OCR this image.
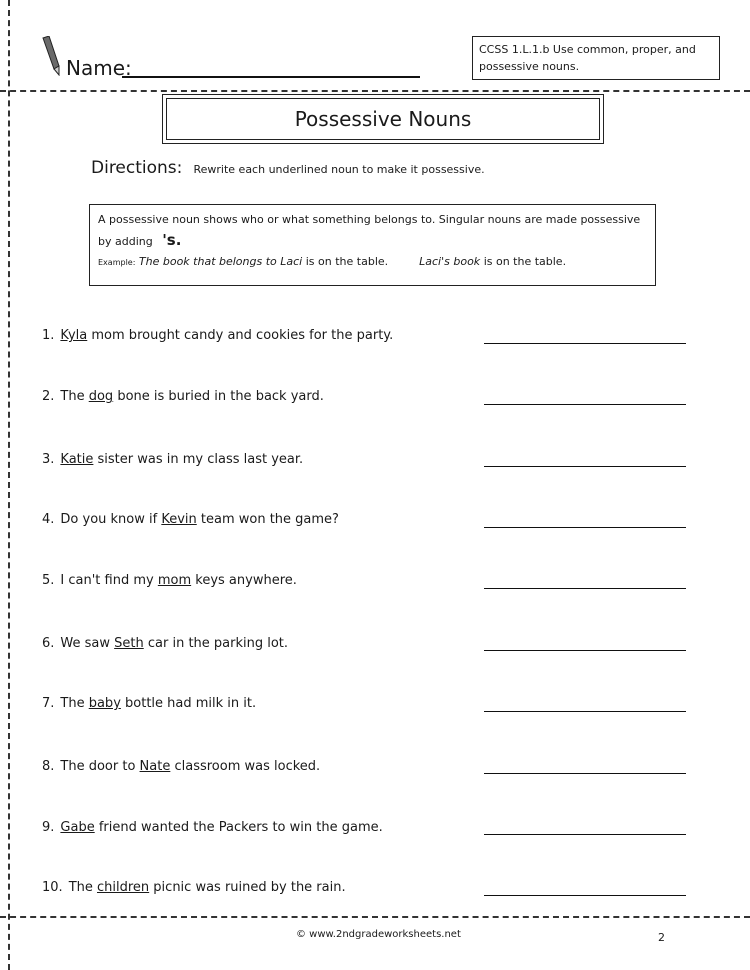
Name:
CCSS 1.L.1.b Use common, proper, and possessive nouns.
Possessive Nouns
Directions: Rewrite each underlined noun to make it possessive.
A possessive noun shows who or what something belongs to. Singular nouns are made possessive by adding 's.
Example: The book that belongs to Laci is on the table.	Laci's book is on the table.
1. Kyla mom brought candy and cookies for the party.
2. The dog bone is buried in the back yard.
3. Katie sister was in my class last year.
4. Do you know if Kevin team won the game?
5. I can't find my mom keys anywhere.
6. We saw Seth car in the parking lot.
7. The baby bottle had milk in it.
8. The door to Nate classroom was locked.
9. Gabe friend wanted the Packers to win the game.
10. The children picnic was ruined by the rain.
© www.2ndgradeworksheets.net	2
